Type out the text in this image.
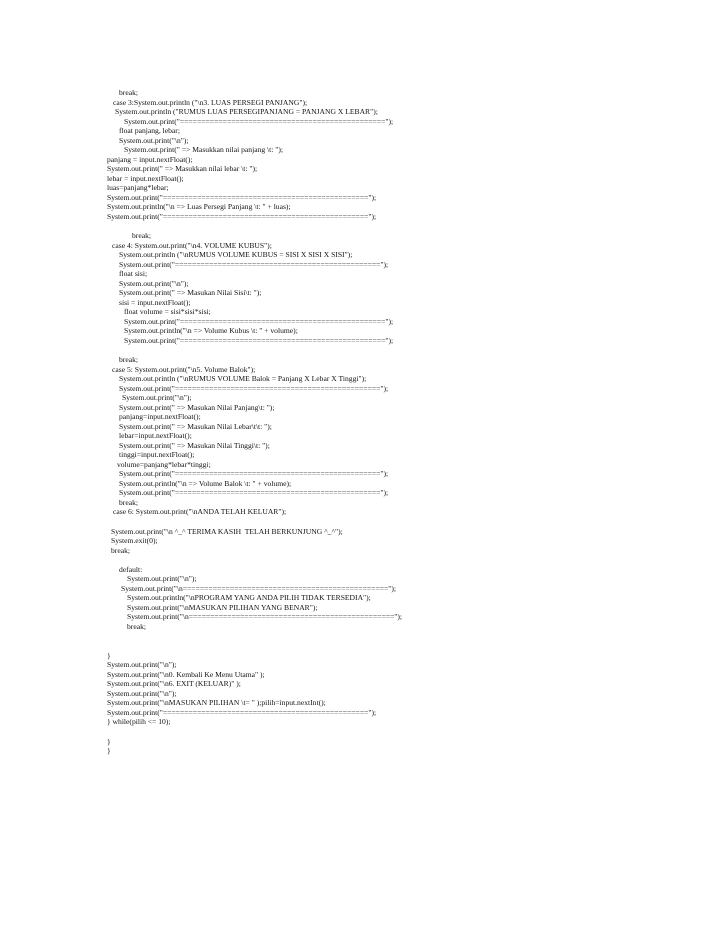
break;
case 3:System.out.println ("\n3. LUAS PERSEGI PANJANG");
System.out.println ("RUMUS LUAS PERSEGIPANJANG = PANJANG X LEBAR");
System.out.print("================================================");
float panjang, lebar;
System.out.print("\n");
System.out.print(" => Masukkan nilai panjang \t: ");
panjang = input.nextFloat();
System.out.print(" => Masukkan nilai lebar \t: ");
lebar = input.nextFloat();
luas=panjang*lebar;
System.out.print("================================================");
System.out.println("\n => Luas Persegi Panjang \t: " + luas);
System.out.print("================================================");
break;
case 4: System.out.print("\n4. VOLUME KUBUS");
System.out.println ("\nRUMUS VOLUME KUBUS = SISI X SISI X SISI");
System.out.print("================================================");
float sisi;
System.out.print("\n");
System.out.print(" => Masukan Nilai Sisi\t: ");
sisi = input.nextFloat();
float volume = sisi*sisi*sisi;
System.out.print("================================================");
System.out.println("\n => Volume Kubus \t: " + volume);
System.out.print("================================================");
break;
case 5: System.out.print("\n5. Volume Balok");
System.out.println ("\nRUMUS VOLUME Balok = Panjang X Lebar X Tinggi");
System.out.print("================================================");
System.out.print("\n");
System.out.print(" => Masukan Nilai Panjang\t: ");
panjang=input.nextFloat();
System.out.print(" => Masukan Nilai Lebar\t\t: ");
lebar=input.nextFloat();
System.out.print(" => Masukan Nilai Tinggi\t: ");
tinggi=input.nextFloat();
volume=panjang*lebar*tinggi;
System.out.print("================================================");
System.out.println("\n => Volume Balok \t: " + volume);
System.out.print("================================================");
break;
case 6: System.out.print("\nANDA TELAH KELUAR");
System.out.print("\n ^_^ TERIMA KASIH  TELAH BERKUNJUNG ^_^");
System.exit(0);
break;
default:
System.out.print("\n");
System.out.print("\n================================================");
System.out.println("\nPROGRAM YANG ANDA PILIH TIDAK TERSEDIA");
System.out.print("\nMASUKAN PILIHAN YANG BENAR");
System.out.print("\n================================================");
break;
}
System.out.print("\n");
System.out.print("\n0. Kembali Ke Menu Utama" );
System.out.print("\n6. EXIT (KELUAR)" );
System.out.print("\n");
System.out.print("\nMASUKAN PILIHAN \t= " );pilih=input.nextInt();
System.out.print("================================================");
} while(pilih <= 10);
}
}
